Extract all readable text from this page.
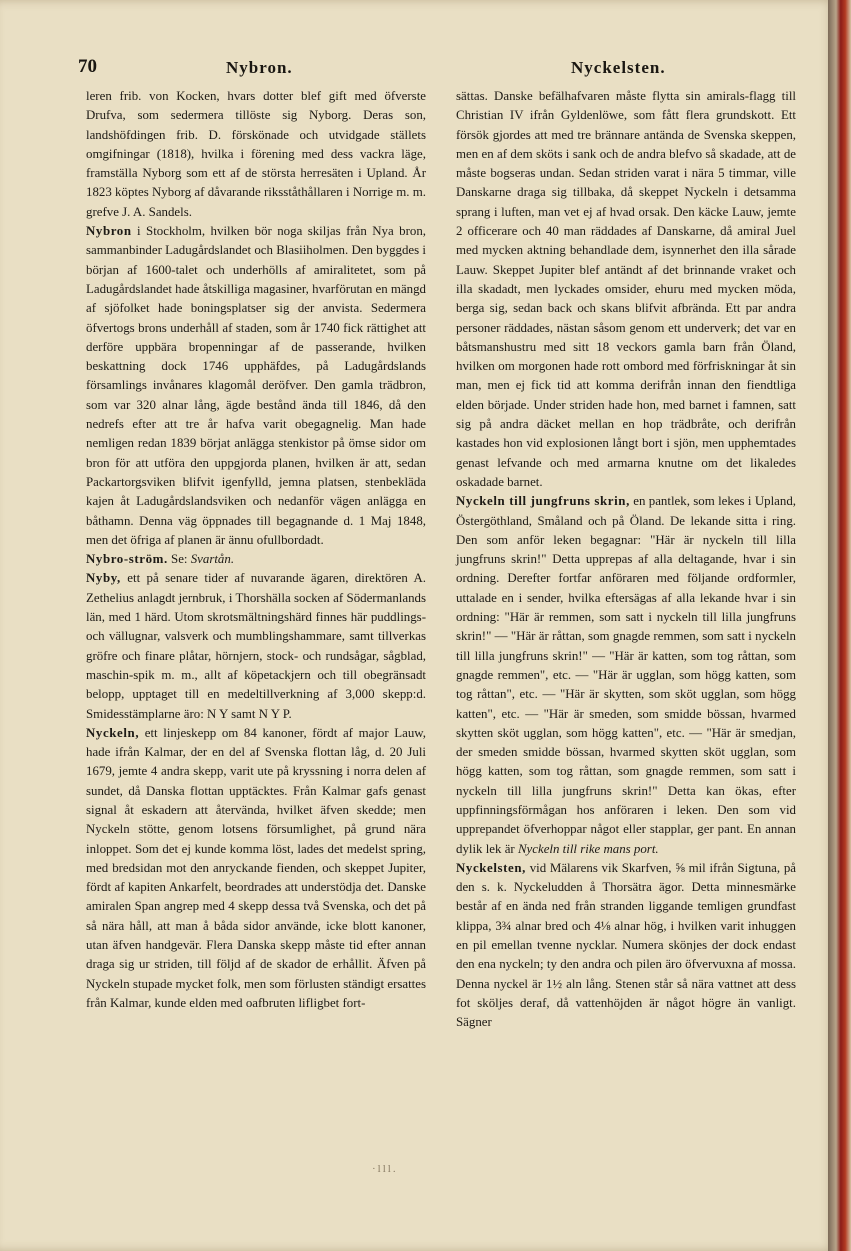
70	Nybron.	Nyckelsten.

leren frib. von Kocken, hvars dotter blef gift med öfverste Drufva, som sedermera tillöste sig Nyborg. Deras son, landshöfdingen frib. D. förskönade och utvidgade ställets omgifningar (1818), hvilka i förening med dess vackra läge, framställa Nyborg som ett af de största herresäten i Upland. År 1823 köptes Nyborg af dåvarande riksståthållaren i Norrige m. m. grefve J. A. Sandels.

Nybron i Stockholm, hvilken bör noga skiljas från Nya bron, sammanbinder Ladugårdslandet och Blasiiholmen. Den byggdes i början af 1600-talet och underhölls af amiralitetet, som på Ladugårdslandet hade åtskilliga magasiner, hvarförutan en mängd af sjöfolket hade boningsplatser sig der anvista. Sedermera öfvertogs brons underhåll af staden, som år 1740 fick rättighet att derföre uppbära bropenningar af de passerande, hvilken beskattning dock 1746 upphäfdes, på Ladugårdslands församlings invånares klagomål deröfver. Den gamla trädbron, som var 320 alnar lång, ägde bestånd ända till 1846, då den nedrefs efter att tre år hafva varit obegagnelig. Man hade nemligen redan 1839 börjat anlägga stenkistor på ömse sidor om bron för att utföra den uppgjorda planen, hvilken är att, sedan Packartorgsviken blifvit igenfylld, jemna platsen, stenbekläda kajen åt Ladugårdslandsviken och nedanför vägen anlägga en båthamn. Denna väg öppnades till begagnande d. 1 Maj 1848, men det öfriga af planen är ännu ofullbordadt.

Nybro-ström. Se: Svartån.

Nyby, ett på senare tider af nuvarande ägaren, direktören A. Zethelius anlagdt jernbruk, i Thorshälla socken af Södermanlands län, med 1 härd. Utom skrotsmältningshärd finnes här puddlings- och vällugnar, valsverk och mumblingshammare, samt tillverkas gröfre och finare plåtar, hörnjern, stock- och rundsågar, sågblad, maschin-spik m. m., allt af köpetackjern och till obegränsadt belopp, upptaget till en medeltillverkning af 3,000 skepp:d. Smidesstämplarne äro: N Y samt N Y P.

Nyckeln, ett linjeskepp om 84 kanoner, fördt af major Lauw, hade ifrån Kalmar, der en del af Svenska flottan låg, d. 20 Juli 1679, jemte 4 andra skepp, varit ute på kryssning i norra delen af sundet, då Danska flottan upptäcktes. Från Kalmar gafs genast signal åt eskadern att återvända, hvilket äfven skedde; men Nyckeln stötte, genom lotsens försumlighet, på grund nära inloppet. Som det ej kunde komma löst, lades det medelst spring, med bredsidan mot den anryckande fienden, och skeppet Jupiter, fördt af kapiten Ankarfelt, beordrades att understödja det. Danske amiralen Span angrep med 4 skepp dessa två Svenska, och det på så nära håll, att man å båda sidor använde, icke blott kanoner, utan äfven handgevär. Flera Danska skepp måste tid efter annan draga sig ur striden, till följd af de skador de erhållit. Äfven på Nyckeln stupade mycket folk, men som förlusten ständigt ersattes från Kalmar, kunde elden med oafbruten lifligbet fort-

sättas. Danske befälhafvaren måste flytta sin amirals-flagg till Christian IV ifrån Gyldenlöwe, som fått flera grundskott. Ett försök gjordes att med tre brännare antända de Svenska skeppen, men en af dem sköts i sank och de andra blefvo så skadade, att de måste bogseras undan. Sedan striden varat i nära 5 timmar, ville Danskarne draga sig tillbaka, då skeppet Nyckeln i detsamma sprang i luften, man vet ej af hvad orsak. Den käcke Lauw, jemte 2 officerare och 40 man räddades af Danskarne, då amiral Juel med mycken aktning behandlade dem, isynnerhet den illa sårade Lauw. Skeppet Jupiter blef antändt af det brinnande vraket och illa skadadt, men lyckades omsider, ehuru med mycken möda, berga sig, sedan back och skans blifvit afbrända. Ett par andra personer räddades, nästan såsom genom ett underverk; det var en båtsmanshustru med sitt 18 veckors gamla barn från Öland, hvilken om morgonen hade rott ombord med förfriskningar åt sin man, men ej fick tid att komma derifrån innan den fiendtliga elden började. Under striden hade hon, med barnet i famnen, satt sig på andra däcket mellan en hop trädbråte, och derifrån kastades hon vid explosionen långt bort i sjön, men upphemtades genast lefvande och med armarna knutne om det likaledes oskadade barnet.

Nyckeln till jungfruns skrin, en pantlek, som lekes i Upland, Östergöthland, Småland och på Öland. De lekande sitta i ring. Den som anför leken begagnar: "Här är nyckeln till lilla jungfruns skrin!" Detta upprepas af alla deltagande, hvar i sin ordning. Derefter fortfar anföraren med följande ordformler, uttalade en i sender, hvilka eftersägas af alla lekande hvar i sin ordning: "Här är remmen, som satt i nyckeln till lilla jungfruns skrin!" — "Här är råttan, som gnagde remmen, som satt i nyckeln till lilla jungfruns skrin!" — "Här är katten, som tog råttan, som gnagde remmen", etc. — "Här är ugglan, som högg katten, som tog råttan", etc. — "Här är skytten, som sköt ugglan, som högg katten", etc. — "Här är smeden, som smidde bössan, hvarmed skytten sköt ugglan, som högg katten", etc. — "Här är smedjan, der smeden smidde bössan, hvarmed skytten sköt ugglan, som högg katten, som tog råttan, som gnagde remmen, som satt i nyckeln till lilla jungfruns skrin!" Detta kan ökas, efter uppfinningsförmågan hos anföraren i leken. Den som vid upprepandet öfverhoppar något eller stapplar, ger pant. En annan dylik lek är Nyckeln till rike mans port.

Nyckelsten, vid Mälarens vik Skarfven, ⅝ mil ifrån Sigtuna, på den s. k. Nyckeludden å Thorsätra ägor. Detta minnesmärke består af en ända ned från stranden liggande temligen grundfast klippa, 3¾ alnar bred och 4⅛ alnar hög, i hvilken varit inhuggen en pil emellan tvenne nycklar. Numera skönjes der dock endast den ena nyckeln; ty den andra och pilen äro öfvervuxna af mossa. Denna nyckel är 1½ aln lång. Stenen står så nära vattnet att dess fot sköljes deraf, då vattenhöjden är något högre än vanligt. Sägner

·lll.
